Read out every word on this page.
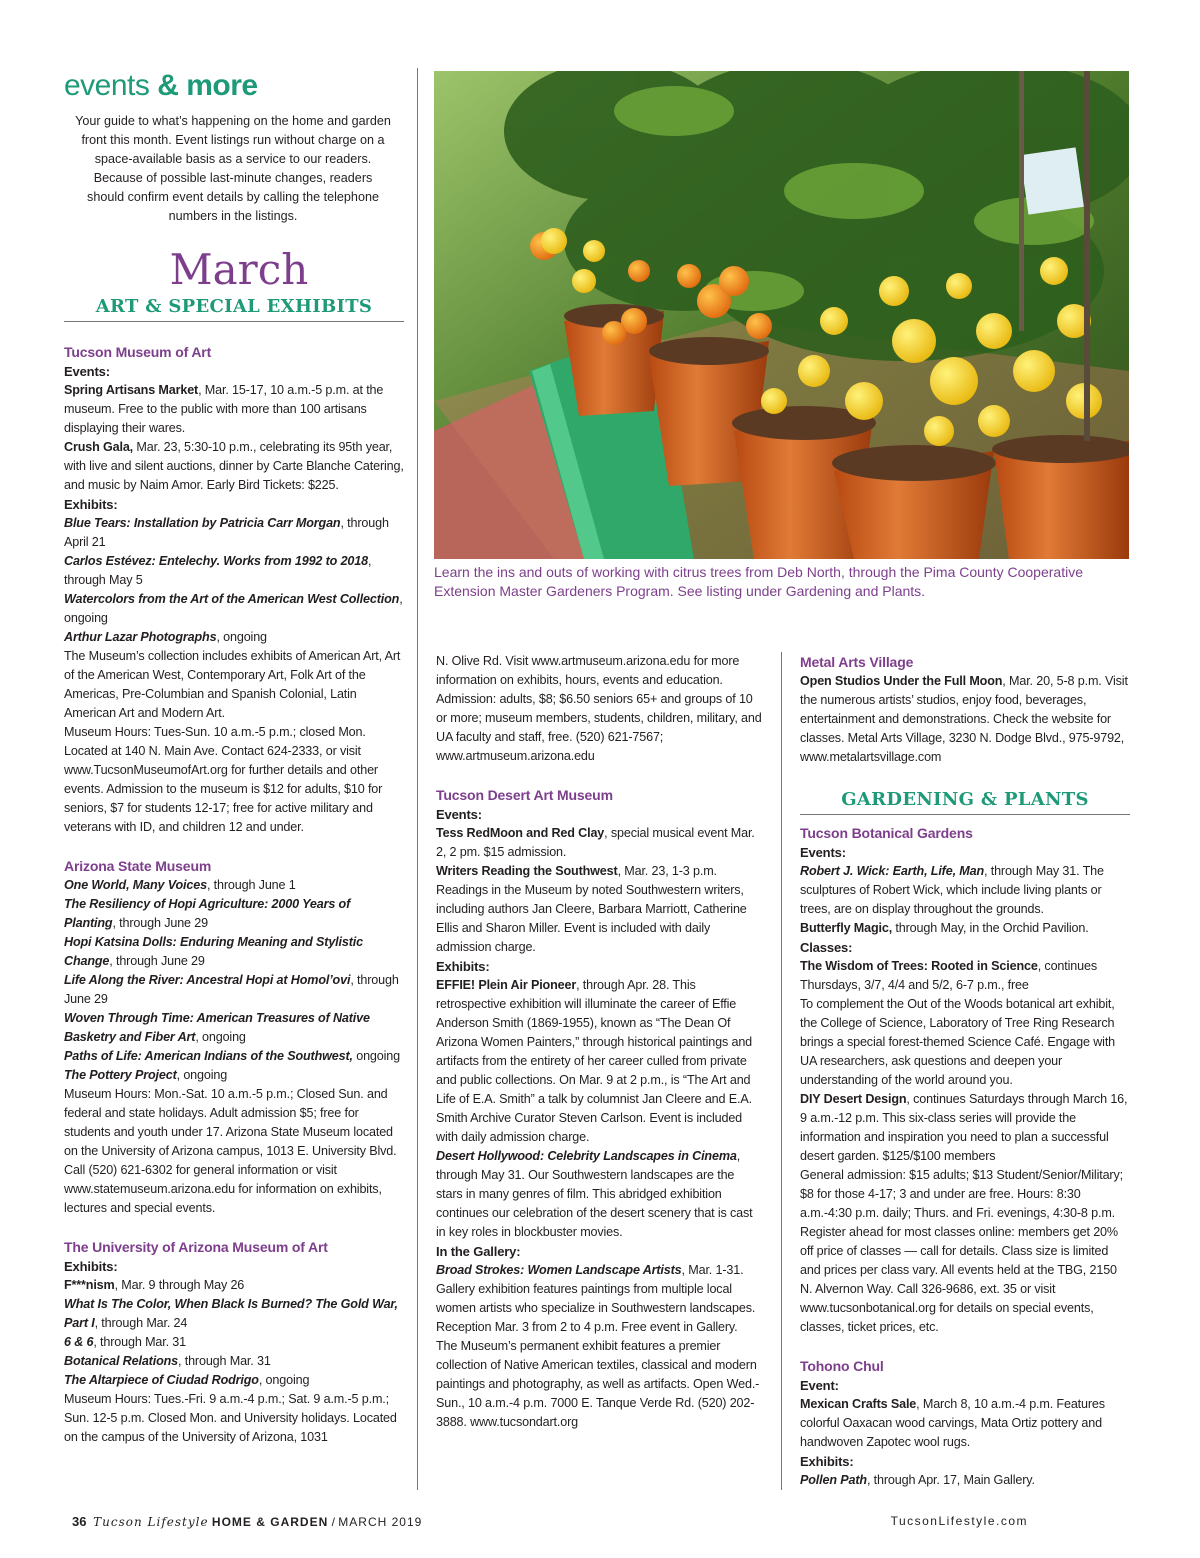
events & more

Your guide to what’s happening on the home and garden front this month. Event listings run without charge on a space-available basis as a service to our readers. Because of possible last-minute changes, readers should confirm event details by calling the telephone numbers in the listings.

March
ART & SPECIAL EXHIBITS
Tucson Museum of Art
Events:
Spring Artisans Market, Mar. 15-17, 10 a.m.-5 p.m. at the museum. Free to the public with more than 100 artisans displaying their wares.
Crush Gala, Mar. 23, 5:30-10 p.m., celebrating its 95th year, with live and silent auctions, dinner by Carte Blanche Catering, and music by Naim Amor. Early Bird Tickets: $225.
Exhibits:
Blue Tears: Installation by Patricia Carr Morgan, through April 21
Carlos Estévez: Entelechy. Works from 1992 to 2018, through May 5
Watercolors from the Art of the American West Collection, ongoing
Arthur Lazar Photographs, ongoing
The Museum’s collection includes exhibits of American Art, Art of the American West, Contemporary Art, Folk Art of the Americas, Pre-Columbian and Spanish Colonial, Latin American Art and Modern Art.
Museum Hours: Tues-Sun. 10 a.m.-5 p.m.; closed Mon. Located at 140 N. Main Ave. Contact 624-2333, or visit www.TucsonMuseumofArt.org for further details and other events. Admission to the museum is $12 for adults, $10 for seniors, $7 for students 12-17; free for active military and veterans with ID, and children 12 and under.
Arizona State Museum
One World, Many Voices, through June 1
The Resiliency of Hopi Agriculture: 2000 Years of Planting, through June 29
Hopi Katsina Dolls: Enduring Meaning and Stylistic Change, through June 29
Life Along the River: Ancestral Hopi at Homol’ovi, through June 29
Woven Through Time: American Treasures of Native Basketry and Fiber Art, ongoing
Paths of Life: American Indians of the Southwest, ongoing
The Pottery Project, ongoing
Museum Hours: Mon.-Sat. 10 a.m.-5 p.m.; Closed Sun. and federal and state holidays. Adult admission $5; free for students and youth under 17. Arizona State Museum located on the University of Arizona campus, 1013 E. University Blvd. Call (520) 621-6302 for general information or visit www.statemuseum.arizona.edu for information on exhibits, lectures and special events.
The University of Arizona Museum of Art
Exhibits:
F***nism, Mar. 9 through May 26
What Is The Color, When Black Is Burned? The Gold War, Part I, through Mar. 24
6 & 6, through Mar. 31
Botanical Relations, through Mar. 31
The Altarpiece of Ciudad Rodrigo, ongoing
Museum Hours: Tues.-Fri. 9 a.m.-4 p.m.; Sat. 9 a.m.-5 p.m.; Sun. 12-5 p.m. Closed Mon. and University holidays. Located on the campus of the University of Arizona, 1031
Learn the ins and outs of working with citrus trees from Deb North, through the Pima County Cooperative Extension Master Gardeners Program. See listing under Gardening and Plants.
N. Olive Rd. Visit www.artmuseum.arizona.edu for more information on exhibits, hours, events and education. Admission: adults, $8; $6.50 seniors 65+ and groups of 10 or more; museum members, students, children, military, and UA faculty and staff, free. (520) 621-7567; www.artmuseum.arizona.edu
Tucson Desert Art Museum
Events:
Tess RedMoon and Red Clay, special musical event Mar. 2, 2 pm. $15 admission.
Writers Reading the Southwest, Mar. 23, 1-3 p.m. Readings in the Museum by noted Southwestern writers, including authors Jan Cleere, Barbara Marriott, Catherine Ellis and Sharon Miller. Event is included with daily admission charge.
Exhibits:
EFFIE! Plein Air Pioneer, through Apr. 28. This retrospective exhibition will illuminate the career of Effie Anderson Smith (1869-1955), known as “The Dean Of Arizona Women Painters,” through historical paintings and artifacts from the entirety of her career culled from private and public collections. On Mar. 9 at 2 p.m., is “The Art and Life of E.A. Smith” a talk by columnist Jan Cleere and E.A. Smith Archive Curator Steven Carlson. Event is included with daily admission charge.
Desert Hollywood: Celebrity Landscapes in Cinema, through May 31. Our Southwestern landscapes are the stars in many genres of film. This abridged exhibition continues our celebration of the desert scenery that is cast in key roles in blockbuster movies.
In the Gallery:
Broad Strokes: Women Landscape Artists, Mar. 1-31. Gallery exhibition features paintings from multiple local women artists who specialize in Southwestern landscapes. Reception Mar. 3 from 2 to 4 p.m. Free event in Gallery.
The Museum’s permanent exhibit features a premier collection of Native American textiles, classical and modern paintings and photography, as well as artifacts. Open Wed.-Sun., 10 a.m.-4 p.m. 7000 E. Tanque Verde Rd. (520) 202-3888. www.tucsondart.org
Metal Arts Village
Open Studios Under the Full Moon, Mar. 20, 5-8 p.m. Visit the numerous artists’ studios, enjoy food, beverages, entertainment and demonstrations. Check the website for classes. Metal Arts Village, 3230 N. Dodge Blvd., 975-9792, www.metalartsvillage.com
GARDENING & PLANTS
Tucson Botanical Gardens
Events:
Robert J. Wick: Earth, Life, Man, through May 31. The sculptures of Robert Wick, which include living plants or trees, are on display throughout the grounds.
Butterfly Magic, through May, in the Orchid Pavilion.
Classes:
The Wisdom of Trees: Rooted in Science, continues Thursdays, 3/7, 4/4 and 5/2, 6-7 p.m., free
To complement the Out of the Woods botanical art exhibit, the College of Science, Laboratory of Tree Ring Research brings a special forest-themed Science Café. Engage with UA researchers, ask questions and deepen your understanding of the world around you.
DIY Desert Design, continues Saturdays through March 16, 9 a.m.-12 p.m. This six-class series will provide the information and inspiration you need to plan a successful desert garden. $125/$100 members
General admission: $15 adults; $13 Student/Senior/Military; $8 for those 4-17; 3 and under are free. Hours: 8:30 a.m.-4:30 p.m. daily; Thurs. and Fri. evenings, 4:30-8 p.m. Register ahead for most classes online: members get 20% off price of classes — call for details. Class size is limited and prices per class vary. All events held at the TBG, 2150 N. Alvernon Way. Call 326-9686, ext. 35 or visit www.tucsonbotanical.org for details on special events, classes, ticket prices, etc.
Tohono Chul
Event:
Mexican Crafts Sale, March 8, 10 a.m.-4 p.m. Features colorful Oaxacan wood carvings, Mata Ortiz pottery and handwoven Zapotec wool rugs.
Exhibits:
Pollen Path, through Apr. 17, Main Gallery.
36 Tucson Lifestyle HOME & GARDEN / MARCH 2019	TucsonLifestyle.com
